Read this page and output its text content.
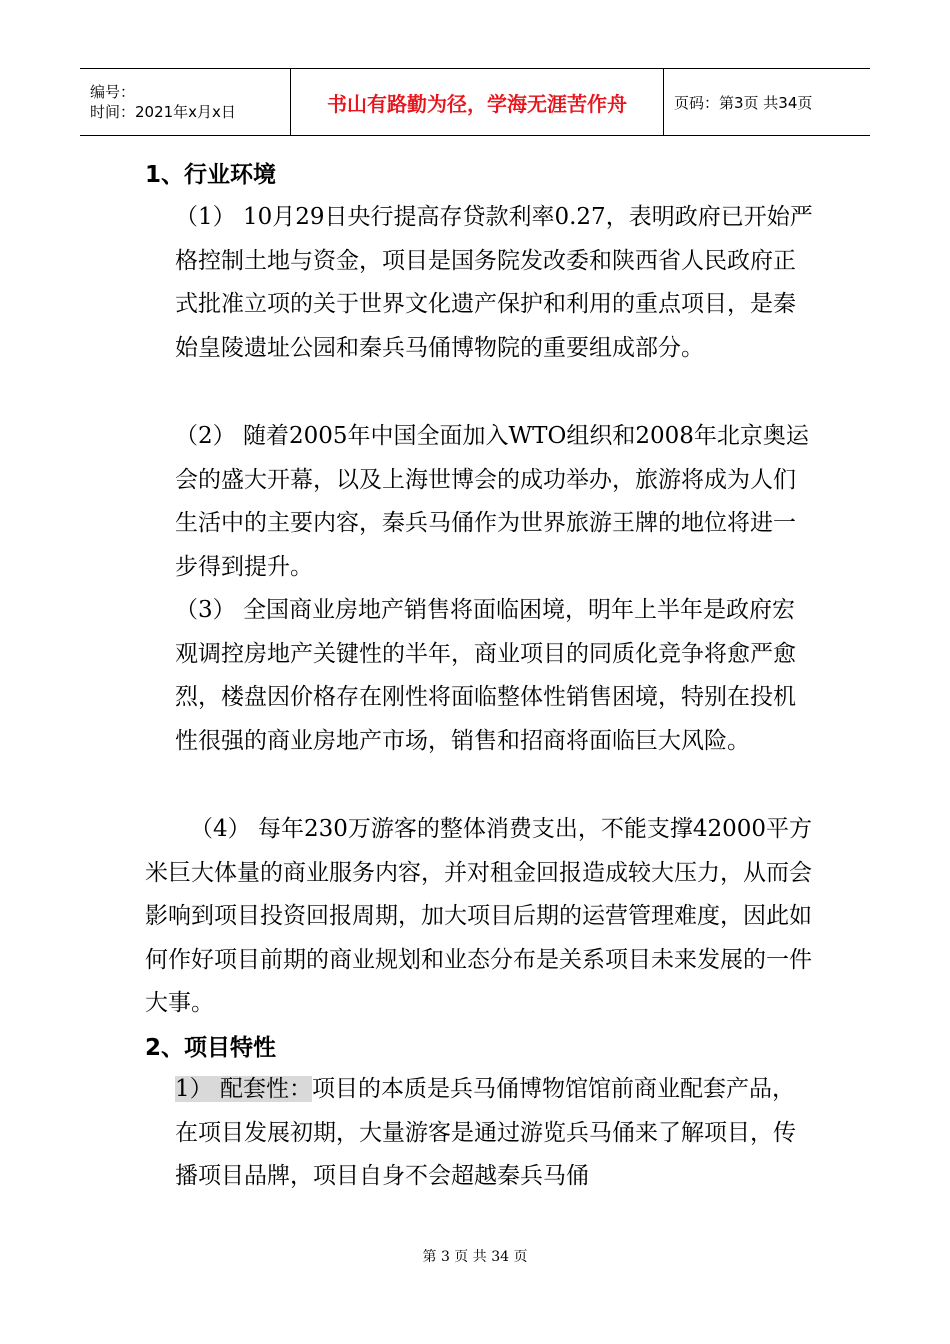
编号：
时间：2021年x月x日	书山有路勤为径，学海无涯苦作舟	页码：第3页 共34页
1、行业环境

（1） 10月29日央行提高存贷款利率0.27，表明政府已开始严格控制土地与资金，项目是国务院发改委和陕西省人民政府正式批准立项的关于世界文化遗产保护和利用的重点项目，是秦始皇陵遗址公园和秦兵马俑博物院的重要组成部分。

（2） 随着2005年中国全面加入WTO组织和2008年北京奥运会的盛大开幕，以及上海世博会的成功举办，旅游将成为人们生活中的主要内容，秦兵马俑作为世界旅游王牌的地位将进一步得到提升。

（3） 全国商业房地产销售将面临困境，明年上半年是政府宏观调控房地产关键性的半年，商业项目的同质化竞争将愈严愈烈，楼盘因价格存在刚性将面临整体性销售困境，特别在投机性很强的商业房地产市场，销售和招商将面临巨大风险。

（4） 每年230万游客的整体消费支出，不能支撑42000平方米巨大体量的商业服务内容，并对租金回报造成较大压力，从而会影响到项目投资回报周期，加大项目后期的运营管理难度，因此如何作好项目前期的商业规划和业态分布是关系项目未来发展的一件大事。

2、项目特性

1） 配套性：项目的本质是兵马俑博物馆馆前商业配套产品，在项目发展初期，大量游客是通过游览兵马俑来了解项目，传播项目品牌，项目自身不会超越秦兵马俑

第 3 页 共 34 页
